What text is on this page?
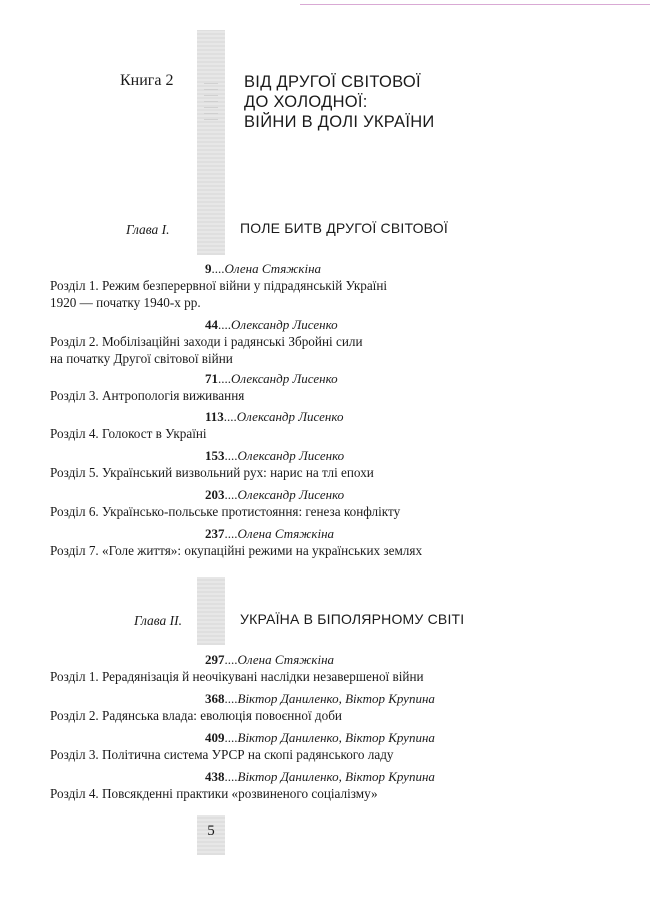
Книга 2	ВІД ДРУГОЇ СВІТОВОЇ
ДО ХОЛОДНОЇ:
ВІЙНИ В ДОЛІ УКРАЇНИ
Глава I.	ПОЛЕ БИТВ ДРУГОЇ СВІТОВОЇ
9....Олена Стяжкіна
Розділ 1. Режим безперервної війни у підрадянській Україні
1920 — початку 1940-х рр.
44....Олександр Лисенко
Розділ 2. Мобілізаційні заходи і радянські Збройні сили
на початку Другої світової війни
71....Олександр Лисенко
Розділ 3. Антропологія виживання
113....Олександр Лисенко
Розділ 4. Голокост в Україні
153....Олександр Лисенко
Розділ 5. Український визвольний рух: нарис на тлі епохи
203....Олександр Лисенко
Розділ 6. Українсько-польське протистояння: генеза конфлікту
237....Олена Стяжкіна
Розділ 7. «Голе життя»: окупаційні режими на українських землях
Глава II.	УКРАЇНА В БІПОЛЯРНОМУ СВІТІ
297....Олена Стяжкіна
Розділ 1. Рерадянізація й неочікувані наслідки незавершеної війни
368....Віктор Даниленко, Віктор Крупина
Розділ 2. Радянська влада: еволюція повоєнної доби
409....Віктор Даниленко, Віктор Крупина
Розділ 3. Політична система УРСР на скопі радянського ладу
438....Віктор Даниленко, Віктор Крупина
Розділ 4. Повсякденні практики «розвиненого соціалізму»
5
